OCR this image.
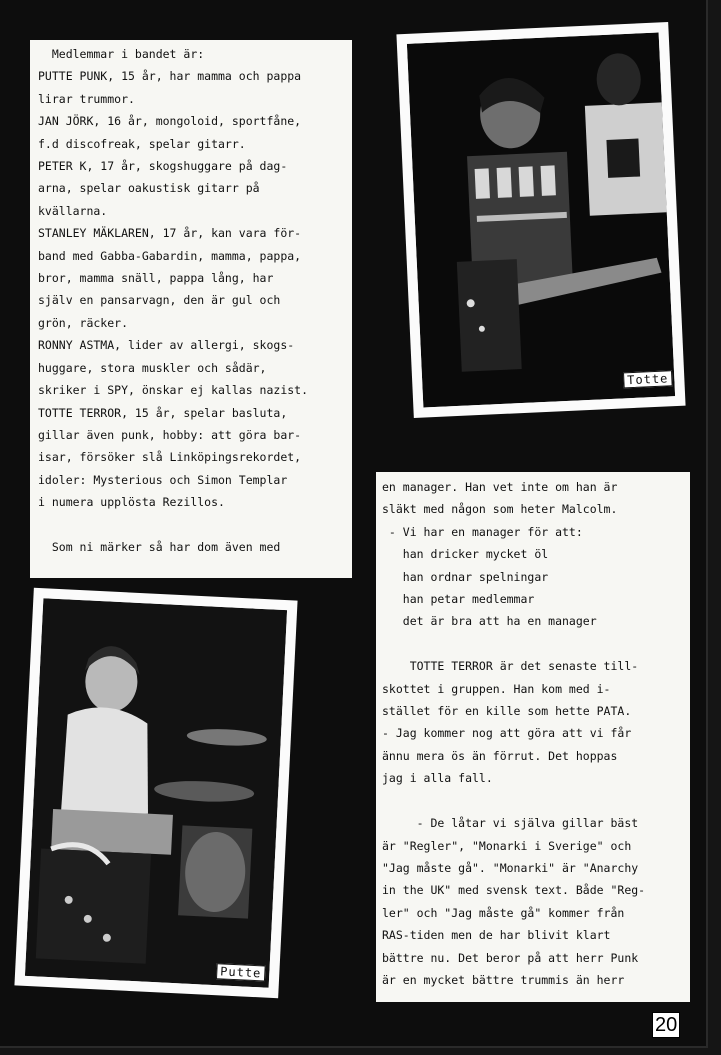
Medlemmar i bandet är:

PUTTE PUNK, 15 år, har mamma och pappa

lirar trummor.

JAN JÖRK, 16 år, mongoloid, sportfåne,

f.d discofreak, spelar gitarr.

PETER K, 17 år, skogshuggare på dag-

arna, spelar oakustisk gitarr på

kvällarna.

STANLEY MÄKLAREN, 17 år, kan vara för-

band med Gabba-Gabardin, mamma, pappa,

bror, mamma snäll, pappa lång, har

själv en pansarvagn, den är gul och

grön, räcker.

RONNY ASTMA, lider av allergi, skogs-

huggare, stora muskler och sådär,

skriker i SPY, önskar ej kallas nazist.

TOTTE TERROR, 15 år, spelar basluta,

gillar även punk, hobby: att göra bar-

isar, försöker slå Linköpingsrekordet,

idoler: Mysterious och Simon Templar

i numera upplösta Rezillos.

Som ni märker så har dom även med

Totte

en manager. Han vet inte om han är

släkt med någon som heter Malcolm.

- Vi har en manager för att:

han dricker mycket öl

han ordnar spelningar

han petar medlemmar

det är bra att ha en manager

TOTTE TERROR är det senaste till-

skottet i gruppen. Han kom med i-

stället för en kille som hette PATA.

- Jag kommer nog att göra att vi får

ännu mera ös än förrut. Det hoppas

jag i alla fall.

- De låtar vi själva gillar bäst

är "Regler", "Monarki i Sverige" och

"Jag måste gå". "Monarki" är "Anarchy

in the UK" med svensk text. Både "Reg-

ler" och "Jag måste gå" kommer från

RAS-tiden men de har blivit klart

bättre nu. Det beror på att herr Punk

är en mycket bättre trummis än herr

Putte
20
